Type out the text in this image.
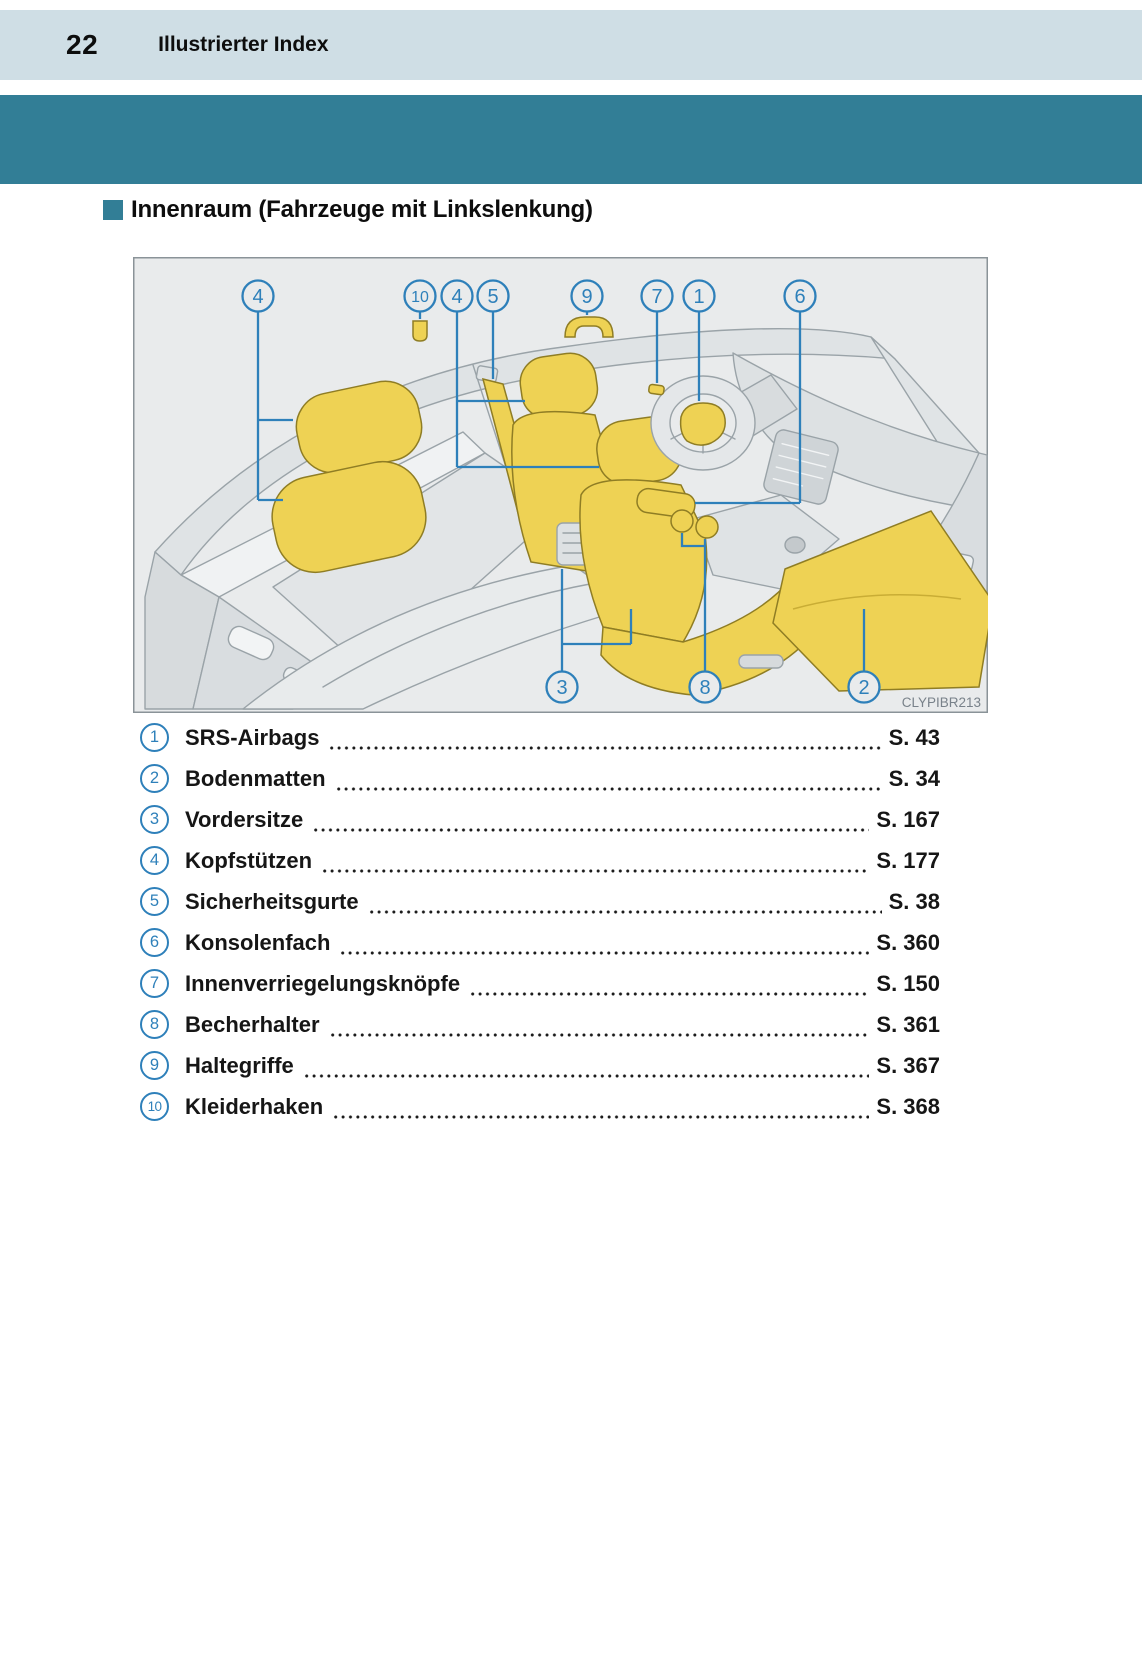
22	Illustrierter Index
Innenraum (Fahrzeuge mit Linkslenkung)
4	10 4 5	9	7 1	6
3	8	2
CLYPIBR213
1	SRS-Airbags	S. 43
2	Bodenmatten	S. 34
3	Vordersitze	S. 167
4	Kopfstützen	S. 177
5	Sicherheitsgurte	S. 38
6	Konsolenfach	S. 360
7	Innenverriegelungsknöpfe	S. 150
8	Becherhalter	S. 361
9	Haltegriffe	S. 367
10	Kleiderhaken	S. 368
